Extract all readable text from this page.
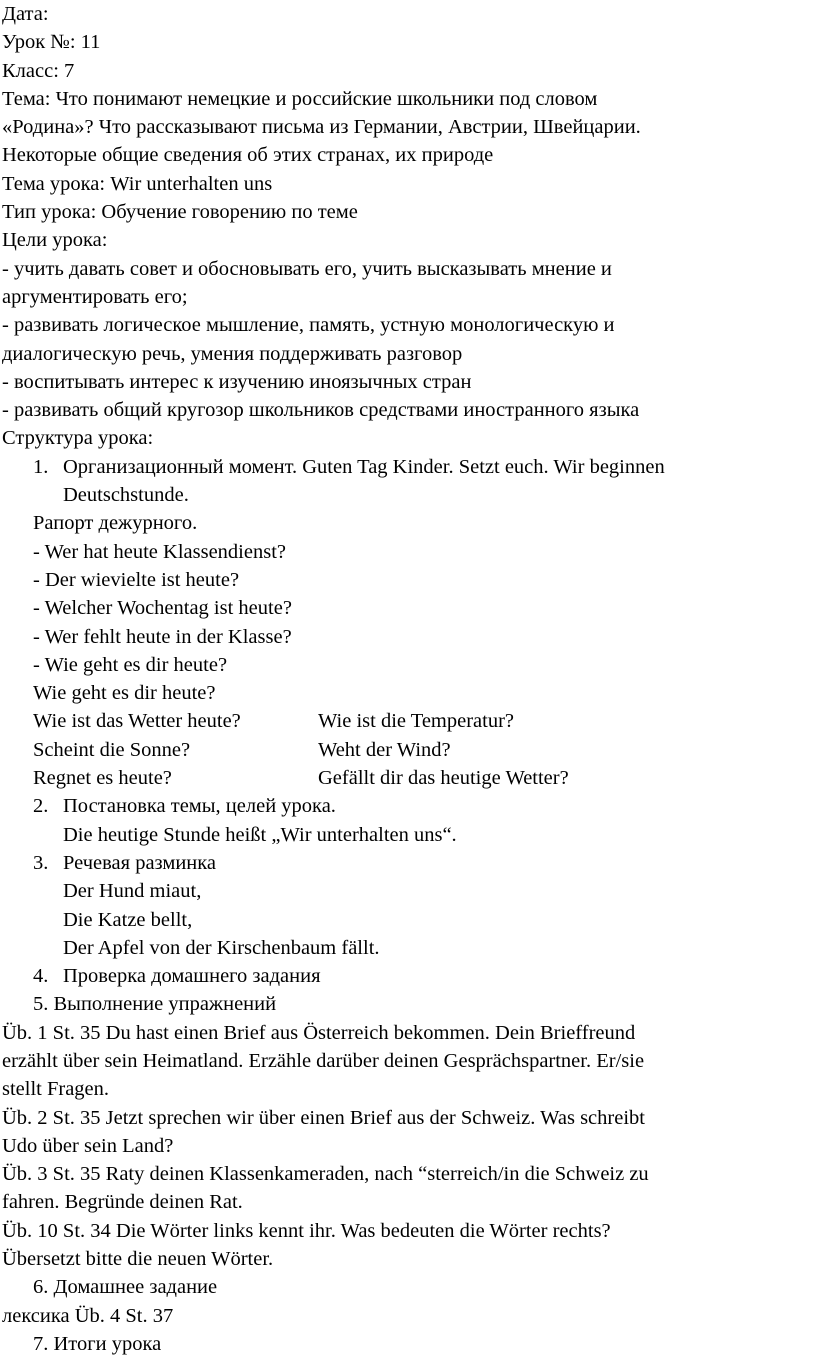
Дата:
Урок №: 11
Класс: 7
Тема: Что понимают немецкие и российские школьники под словом
«Родина»? Что рассказывают письма из Германии, Австрии, Швейцарии.
Некоторые общие сведения об этих странах, их природе
Тема урока: Wir unterhalten uns
Тип урока: Обучение говорению по теме
Цели урока:
- учить давать совет и обосновывать его, учить высказывать мнение и
аргументировать его;
- развивать логическое мышление, память, устную монологическую и
диалогическую речь, умения поддерживать разговор
- воспитывать интерес к изучению иноязычных стран
- развивать общий кругозор школьников средствами иностранного языка
Структура урока:
1. Организационный момент. Guten Tag Kinder. Setzt euch. Wir beginnen
Deutschstunde.
Рапорт дежурного.
- Wer hat heute Klassendienst?
- Der wievielte ist heute?
- Welcher Wochentag ist heute?
- Wer fehlt heute in der Klasse?
- Wie geht es dir heute?
Wie geht es dir heute?
Wie ist das Wetter heute?	Wie ist die Temperatur?
Scheint die Sonne?	Weht der Wind?
Regnet es heute?	Gefällt dir das heutige Wetter?
2. Постановка темы, целей урока.
Die heutige Stunde heißt „Wir unterhalten uns“.
3. Речевая разминка
Der Hund miaut,
Die Katze bellt,
Der Apfel von der Kirschenbaum fällt.
4. Проверка домашнего задания
5. Выполнение упражнений
Üb. 1 St. 35 Du hast einen Brief aus Österreich bekommen. Dein Brieffreund
erzählt über sein Heimatland. Erzähle darüber deinen Gesprächspartner. Er/sie
stellt Fragen.
Üb. 2 St. 35 Jetzt sprechen wir über einen Brief aus der Schweiz. Was schreibt
Udo über sein Land?
Üb. 3 St. 35 Raty deinen Klassenkameraden, nach “sterreich/in die Schweiz zu
fahren. Begründe deinen Rat.
Üb. 10 St. 34 Die Wörter links kennt ihr. Was bedeuten die Wörter rechts?
Übersetzt bitte die neuen Wörter.
6. Домашнее задание
лексика Üb. 4 St. 37
7. Итоги урока
